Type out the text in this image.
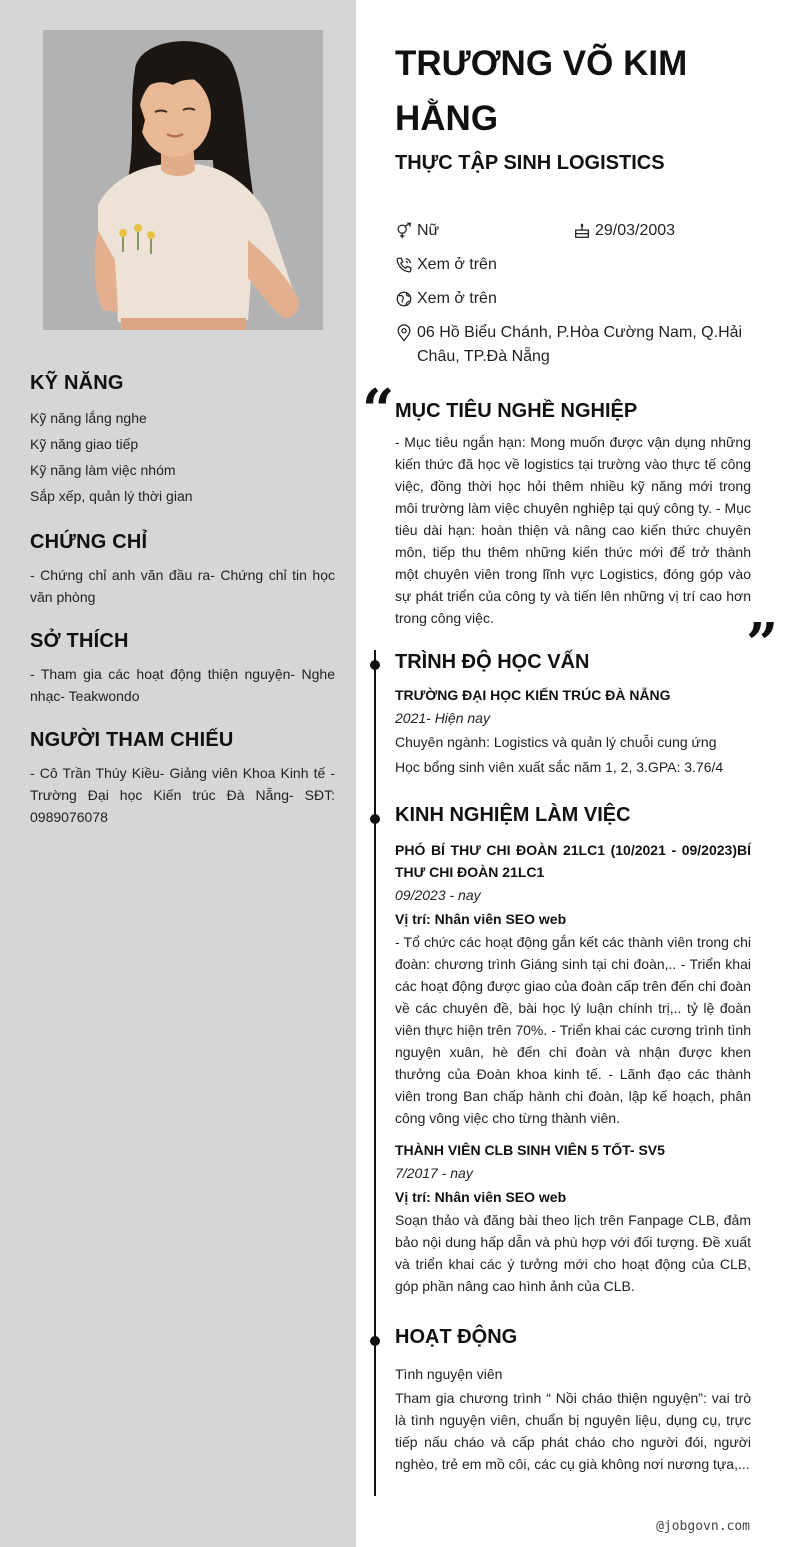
KỸ NĂNG
Kỹ năng lắng nghe
Kỹ năng giao tiếp
Kỹ năng làm việc nhóm
Sắp xếp, quản lý thời gian
CHỨNG CHỈ
- Chứng chỉ anh văn đầu ra- Chứng chỉ tin học văn phòng
SỞ THÍCH
- Tham gia các hoạt động thiện nguyện- Nghe nhạc- Teakwondo
NGƯỜI THAM CHIẾU
- Cô Trần Thúy Kiều- Giảng viên Khoa Kinh tế - Trường Đại học Kiến trúc Đà Nẵng- SĐT: 0989076078
TRƯƠNG VÕ KIM HẰNG
THỰC TẬP SINH LOGISTICS
Nữ	29/03/2003
Xem ở trên
Xem ở trên
06 Hồ Biểu Chánh, P.Hòa Cường Nam, Q.Hải Châu, TP.Đà Nẵng
“ MỤC TIÊU NGHỀ NGHIỆP
- Mục tiêu ngắn hạn: Mong muốn được vận dụng những kiến thức đã học về logistics tại trường vào thực tế công việc, đồng thời học hỏi thêm nhiều kỹ năng mới trong môi trường làm việc chuyên nghiệp tại quý công ty. - Mục tiêu dài hạn: hoàn thiện và nâng cao kiến thức chuyên môn, tiếp thu thêm những kiến thức mới để trở thành một chuyên viên trong lĩnh vực Logistics, đóng góp vào sự phát triển của công ty và tiến lên những vị trí cao hơn trong công việc.	”
TRÌNH ĐỘ HỌC VẤN
TRƯỜNG ĐẠI HỌC KIẾN TRÚC ĐÀ NẴNG
2021- Hiện nay
Chuyên ngành: Logistics và quản lý chuỗi cung ứng
Học bổng sinh viên xuất sắc năm 1, 2, 3.GPA: 3.76/4
KINH NGHIỆM LÀM VIỆC
PHÓ BÍ THƯ CHI ĐOÀN 21LC1 (10/2021 - 09/2023)BÍ THƯ CHI ĐOÀN 21LC1
09/2023 - nay
Vị trí: Nhân viên SEO web
- Tổ chức các hoạt động gắn kết các thành viên trong chi đoàn: chương trình Giáng sinh tại chi đoàn,.. - Triển khai các hoạt động được giao của đoàn cấp trên đến chi đoàn về các chuyên đề, bài học lý luận chính trị,.. tỷ lệ đoàn viên thực hiện trên 70%. - Triển khai các cương trình tình nguyện xuân, hè đến chi đoàn và nhận được khen thưởng của Đoàn khoa kinh tế. - Lãnh đạo các thành viên trong Ban chấp hành chi đoàn, lập kế hoạch, phân công vông việc cho từng thành viên.
THÀNH VIÊN CLB SINH VIÊN 5 TỐT- SV5
7/2017 - nay
Vị trí: Nhân viên SEO web
Soạn thảo và đăng bài theo lịch trên Fanpage CLB, đảm bảo nội dung hấp dẫn và phù hợp với đối tượng. Đề xuất và triển khai các ý tưởng mới cho hoạt động của CLB, góp phần nâng cao hình ảnh của CLB.
HOẠT ĐỘNG
Tình nguyện viên
Tham gia chương trình “ Nồi cháo thiện nguyện”: vai trò là tình nguyện viên, chuẩn bị nguyên liệu, dụng cụ, trực tiếp nấu cháo và cấp phát cháo cho người đói, người nghèo, trẻ em mồ côi, các cụ già không nơi nương tựa,...
@jobgovn.com
